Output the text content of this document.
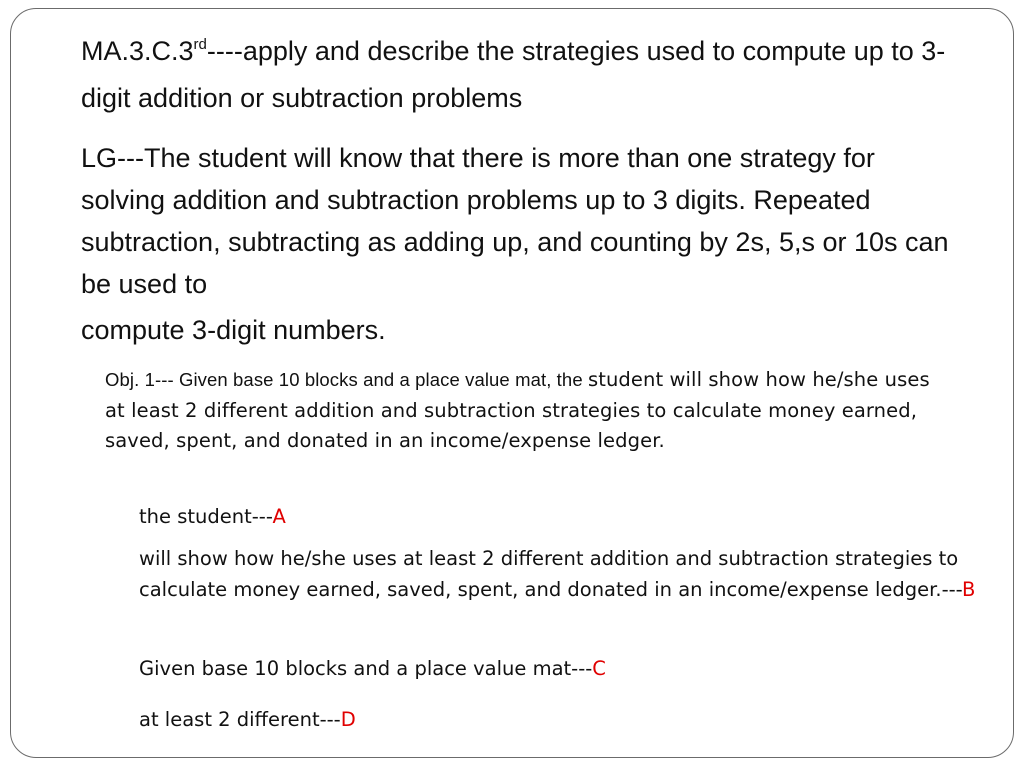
MA.3.C.3rd----apply and describe the strategies used to compute up to 3-digit addition or subtraction problems

LG---The student will know that there is more than one strategy for solving addition and subtraction problems up to 3 digits. Repeated subtraction, subtracting as adding up, and counting by 2s, 5,s or 10s can be used to
compute 3-digit numbers.

Obj. 1--- Given base 10 blocks and a place value mat, the student will show how he/she uses at least 2 different addition and subtraction strategies to calculate money earned, saved, spent, and donated in an income/expense ledger.

the student---A

will show how he/she uses at least 2 different addition and subtraction strategies to calculate money earned, saved, spent, and donated in an income/expense ledger.---B

Given base 10 blocks and a place value mat---C

at least 2 different---D
